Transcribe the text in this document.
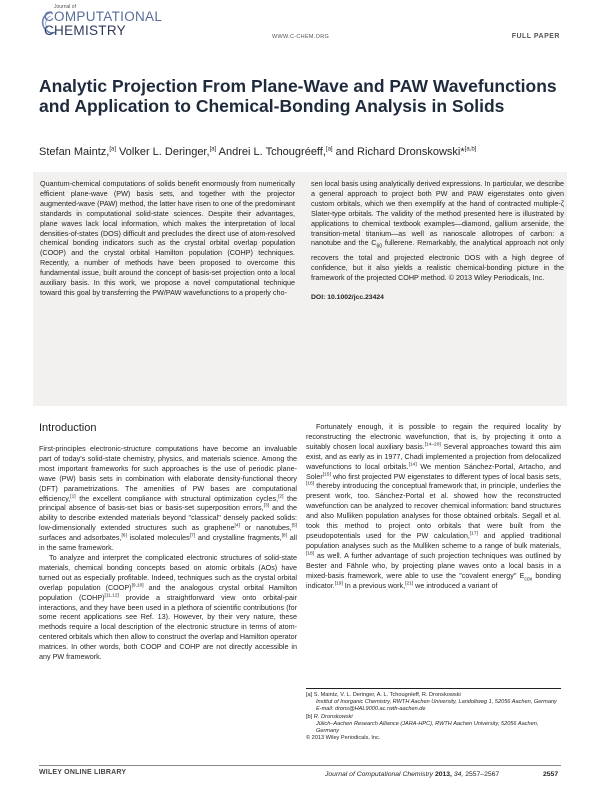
Journal of
COMPUTATIONAL
CHEMISTRY	WWW.C-CHEM.ORG	FULL PAPER
Analytic Projection From Plane-Wave and PAW Wavefunctions and Application to Chemical-Bonding Analysis in Solids
Stefan Maintz,[a] Volker L. Deringer,[a] Andrei L. Tchougréeff,[a] and Richard Dronskowski*[a,b]

Quantum-chemical computations of solids benefit enormously from numerically efficient plane-wave (PW) basis sets, and together with the projector augmented-wave (PAW) method, the latter have risen to one of the predominant standards in computational solid-state sciences. Despite their advantages, plane waves lack local information, which makes the interpretation of local densities-of-states (DOS) difficult and precludes the direct use of atom-resolved chemical bonding indicators such as the crystal orbital overlap population (COOP) and the crystal orbital Hamilton population (COHP) techniques. Recently, a number of methods have been proposed to overcome this fundamental issue, built around the concept of basis-set projection onto a local auxiliary basis. In this work, we propose a novel computational technique toward this goal by transferring the PW/PAW wavefunctions to a properly cho-

sen local basis using analytically derived expressions. In particular, we describe a general approach to project both PW and PAW eigenstates onto given custom orbitals, which we then exemplify at the hand of contracted multiple-ζ Slater-type orbitals. The validity of the method presented here is illustrated by applications to chemical textbook examples—diamond, gallium arsenide, the transition-metal titanium—as well as nanoscale allotropes of carbon: a nanotube and the $C_{60}$ fullerene. Remarkably, the analytical approach not only recovers the total and projected electronic DOS with a high degree of confidence, but it also yields a realistic chemical-bonding picture in the framework of the projected COHP method. © 2013 Wiley Periodicals, Inc.

DOI: 10.1002/jcc.23424
Introduction

First-principles electronic-structure computations have become an invaluable part of today's solid-state chemistry, physics, and materials science. Among the most important frameworks for such approaches is the use of periodic plane-wave (PW) basis sets in combination with elaborate density-functional theory (DFT) parametrizations. The amenities of PW bases are computational efficiency,[1] the excellent compliance with structural optimization cycles,[2] the principal absence of basis-set bias or basis-set superposition errors,[3] and the ability to describe extended materials beyond "classical" densely packed solids: low-dimensionally extended structures such as graphene[4] or nanotubes,[5] surfaces and adsorbates,[6] isolated molecules[7] and crystalline fragments,[8] all in the same framework.

To analyze and interpret the complicated electronic structures of solid-state materials, chemical bonding concepts based on atomic orbitals (AOs) have turned out as especially profitable. Indeed, techniques such as the crystal orbital overlap population (COOP)[9,10] and the analogous crystal orbital Hamilton population (COHP)[11,12] provide a straightforward view onto orbital-pair interactions, and they have been used in a plethora of scientific contributions (for some recent applications see Ref. 13). However, by their very nature, these methods require a local description of the electronic structure in terms of atom-centered orbitals which then allow to construct the overlap and Hamilton operator matrices. In other words, both COOP and COHP are not directly accessible in any PW framework.

Fortunately enough, it is possible to regain the required locality by reconstructing the electronic wavefunction, that is, by projecting it onto a suitably chosen local auxiliary basis.[14–20] Several approaches toward this aim exist, and as early as in 1977, Chadi implemented a projection from delocalized wavefunctions to local orbitals.[14] We mention Sánchez-Portal, Artacho, and Soler[15] who first projected PW eigenstates to different types of local basis sets,[16] thereby introducing the conceptual framework that, in principle, underlies the present work, too. Sánchez-Portal et al. showed how the reconstructed wavefunction can be analyzed to recover chemical information: band structures and also Mulliken population analyses for those obtained orbitals. Segall et al. took this method to project onto orbitals that were built from the pseudopotentials used for the PW calculation,[17] and applied traditional population analyses such as the Mulliken scheme to a range of bulk materials,[18] as well. A further advantage of such projection techniques was outlined by Bester and Fähnle who, by projecting plane waves onto a local basis in a mixed-basis framework, were able to use the "covalent energy" $E_{cov}$ bonding indicator.[19] In a previous work,[21] we introduced a variant of

[a] S. Maintz, V. L. Deringer, A. L. Tchougréeff, R. Dronskowski

Institut of Inorganic Chemistry, RWTH Aachen University, Landoltweg 1, 52056 Aachen, Germany

E-mail: drons@HAL9000.ac.rwth-aachen.de

[b] R. Dronskowski

Jülich–Aachen Research Alliance (JARA-HPC), RWTH Aachen University, 52056 Aachen, Germany

© 2013 Wiley Periodicals, Inc.

WILEY ONLINE LIBRARY	Journal of Computational Chemistry 2013, 34, 2557–2567	2557
